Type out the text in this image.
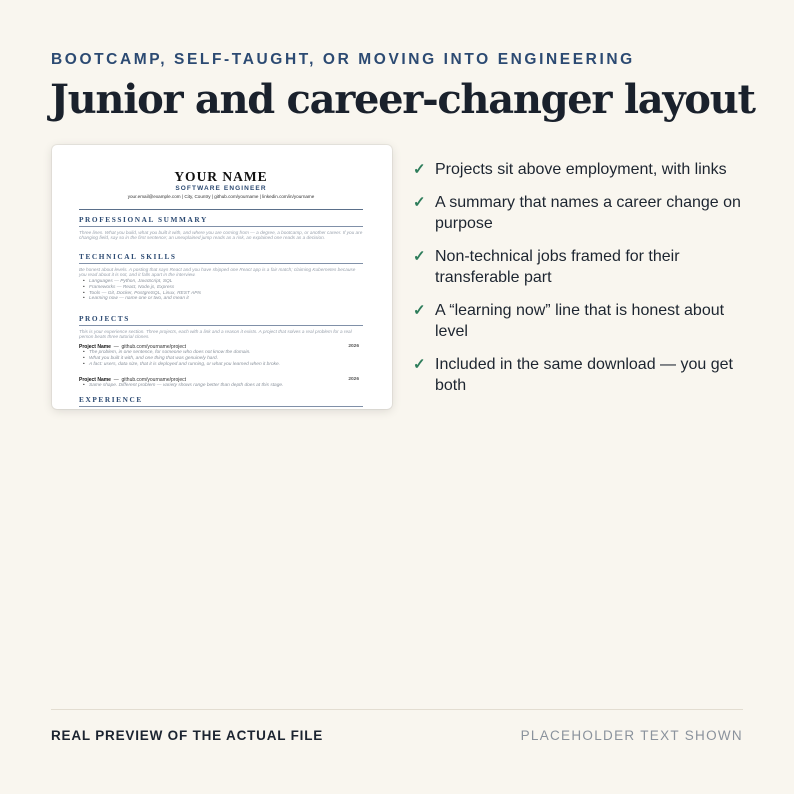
BOOTCAMP, SELF-TAUGHT, OR MOVING INTO ENGINEERING
Junior and career-changer layout
YOUR NAME
SOFTWARE ENGINEER
your.email@example.com | City, Country | github.com/yourname | linkedin.com/in/yourname
PROFESSIONAL SUMMARY
Three lines. What you build, what you built it with, and where you are coming from — a degree, a bootcamp, or another career. If you are changing field, say so in the first sentence; an unexplained jump reads as a risk, an explained one reads as a decision.
TECHNICAL SKILLS
Be honest about levels. A posting that says React and you have shipped one React app is a fair match; claiming Kubernetes because you read about it is not, and it falls apart in the interview.
• Languages — Python, JavaScript, SQL
• Frameworks — React, Node.js, Express
• Tools — Git, Docker, PostgreSQL, Linux, REST APIs
• Learning now — name one or two, and mean it
PROJECTS
This is your experience section. Three projects, each with a link and a reason it exists. A project that solves a real problem for a real person beats three tutorial clones.
Project Name  —  github.com/yourname/project	2026
• The problem, in one sentence, for someone who does not know the domain.
• What you built it with, and one thing that was genuinely hard.
• A fact: users, data size, that it is deployed and running, or what you learned when it broke.
Project Name  —  github.com/yourname/project	2026
• Same shape. Different problem — variety shows range better than depth does at this stage.
EXPERIENCE
✓ Projects sit above employment, with links
✓ A summary that names a career change on purpose
✓ Non-technical jobs framed for their transferable part
✓ A “learning now” line that is honest about level
✓ Included in the same download — you get both
REAL PREVIEW OF THE ACTUAL FILE	PLACEHOLDER TEXT SHOWN
